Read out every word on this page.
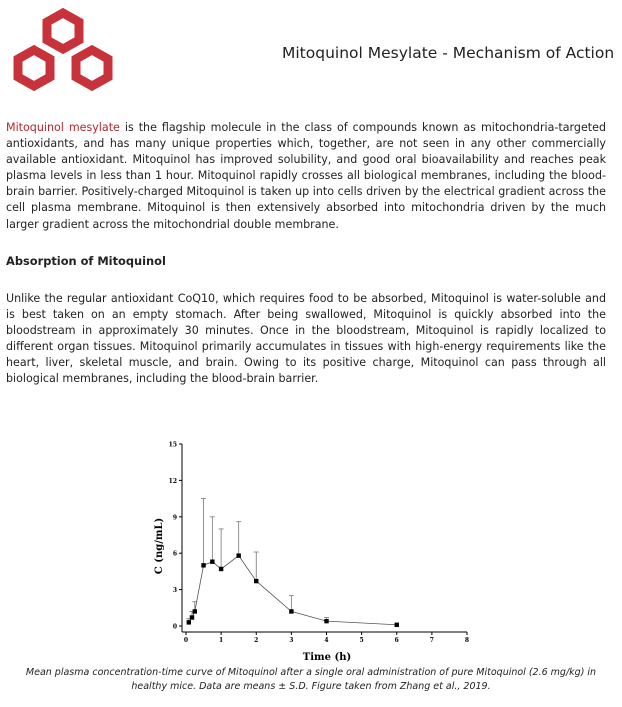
Mitoquinol Mesylate - Mechanism of Action

Mitoquinol mesylate is the flagship molecule in the class of compounds known as mitochondria-targeted antioxidants, and has many unique properties which, together, are not seen in any other commercially available antioxidant. Mitoquinol has improved solubility, and good oral bioavailability and reaches peak plasma levels in less than 1 hour. Mitoquinol rapidly crosses all biological membranes, including the blood-brain barrier. Positively-charged Mitoquinol is taken up into cells driven by the electrical gradient across the cell plasma membrane. Mitoquinol is then extensively absorbed into mitochondria driven by the much larger gradient across the mitochondrial double membrane.

Absorption of Mitoquinol

Unlike the regular antioxidant CoQ10, which requires food to be absorbed, Mitoquinol is water-soluble and is best taken on an empty stomach. After being swallowed, Mitoquinol is quickly absorbed into the bloodstream in approximately 30 minutes. Once in the bloodstream, Mitoquinol is rapidly localized to different organ tissues. Mitoquinol primarily accumulates in tissues with high-energy requirements like the heart, liver, skeletal muscle, and brain. Owing to its positive charge, Mitoquinol can pass through all biological membranes, including the blood-brain barrier.

0
3
6
9
12
15
0	1	2	3	4	5	6	7	8
Time (h)
C (ng/mL)

Mean plasma concentration-time curve of Mitoquinol after a single oral administration of pure Mitoquinol (2.6 mg/kg) in
healthy mice. Data are means ± S.D. Figure taken from Zhang et al., 2019.
